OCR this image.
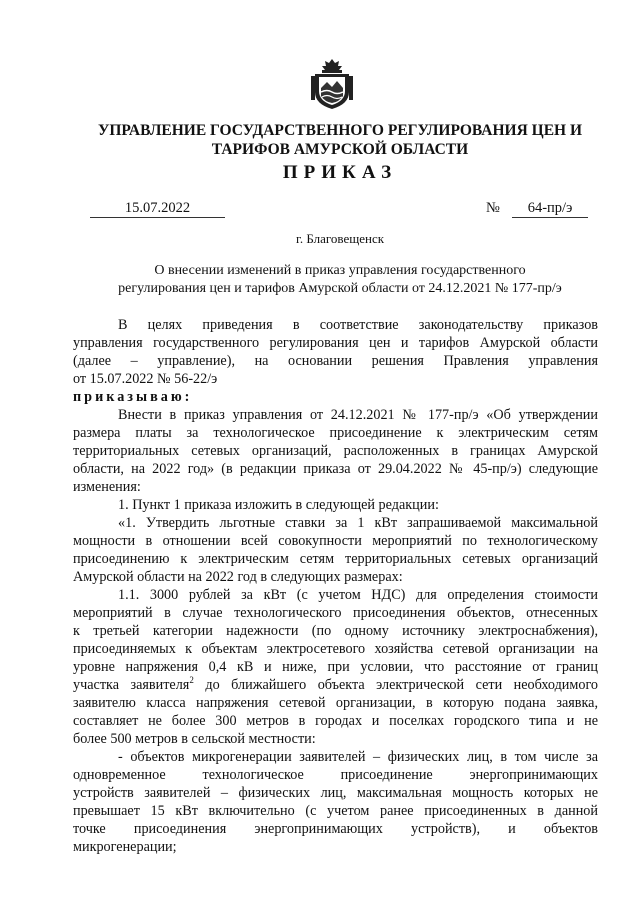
УПРАВЛЕНИЕ ГОСУДАРСТВЕННОГО РЕГУЛИРОВАНИЯ ЦЕН И
ТАРИФОВ АМУРСКОЙ ОБЛАСТИ
ПРИКАЗ
15.07.2022	№	64-пр/э
г. Благовещенск
О внесении изменений в приказ управления государственного
регулирования цен и тарифов Амурской области от 24.12.2021 № 177-пр/э
В целях приведения в соответствие законодательству приказов
управления государственного регулирования цен и тарифов Амурской области
(далее – управление), на основании решения Правления управления
от 15.07.2022 № 56-22/э
приказываю:
Внести в приказ управления от 24.12.2021 № 177-пр/э «Об утверждении
размера платы за технологическое присоединение к электрическим сетям
территориальных сетевых организаций, расположенных в границах Амурской
области, на 2022 год» (в редакции приказа от 29.04.2022 № 45-пр/э) следующие
изменения:
1. Пункт 1 приказа изложить в следующей редакции:
«1. Утвердить льготные ставки за 1 кВт запрашиваемой максимальной
мощности в отношении всей совокупности мероприятий по технологическому
присоединению к электрическим сетям территориальных сетевых организаций
Амурской области на 2022 год в следующих размерах:
1.1. 3000 рублей за кВт (с учетом НДС) для определения стоимости
мероприятий в случае технологического присоединения объектов, отнесенных
к третьей категории надежности (по одному источнику электроснабжения),
присоединяемых к объектам электросетевого хозяйства сетевой организации на
уровне напряжения 0,4 кВ и ниже, при условии, что расстояние от границ
участка заявителя$^2$ до ближайшего объекта электрической сети необходимого
заявителю класса напряжения сетевой организации, в которую подана заявка,
составляет не более 300 метров в городах и поселках городского типа и не
более 500 метров в сельской местности:
- объектов микрогенерации заявителей – физических лиц, в том числе за
одновременное технологическое присоединение энергопринимающих
устройств заявителей – физических лиц, максимальная мощность которых не
превышает 15 кВт включительно (с учетом ранее присоединенных в данной
точке присоединения энергопринимающих устройств), и объектов
микрогенерации;
